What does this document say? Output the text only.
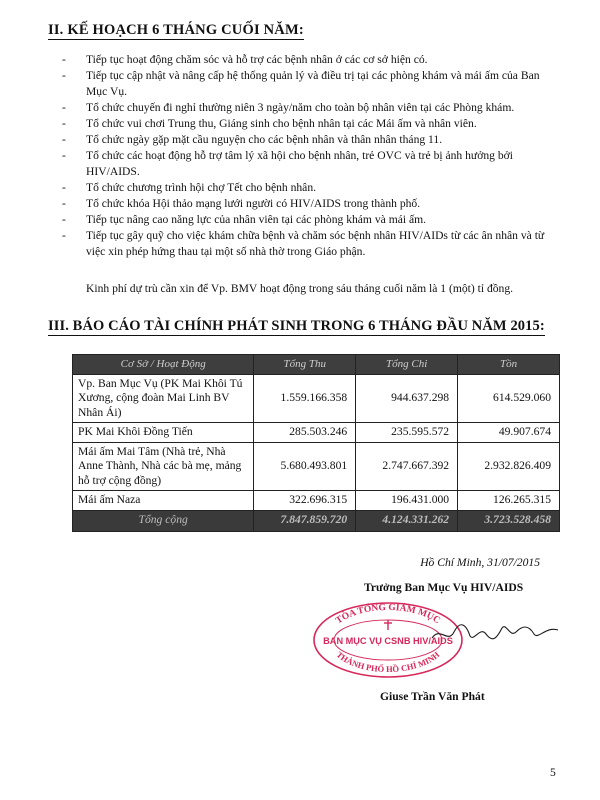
II. KẾ HOẠCH 6 THÁNG CUỐI NĂM:
- Tiếp tục hoạt động chăm sóc và hỗ trợ các bệnh nhân ở các cơ sở hiện có.
- Tiếp tục cập nhật và nâng cấp hệ thống quản lý và điều trị tại các phòng khám và mái ấm của Ban Mục Vụ.
- Tổ chức chuyến đi nghỉ thường niên 3 ngày/năm cho toàn bộ nhân viên tại các Phòng khám.
- Tổ chức vui chơi Trung thu, Giáng sinh cho bệnh nhân tại các Mái ấm và nhân viên.
- Tổ chức ngày gặp mặt cầu nguyện cho các bệnh nhân và thân nhân tháng 11.
- Tổ chức các hoạt động hỗ trợ tâm lý xã hội cho bệnh nhân, trẻ OVC và trẻ bị ảnh hưởng bởi HIV/AIDS.
- Tổ chức chương trình hội chợ Tết cho bệnh nhân.
- Tổ chức khóa Hội thảo mạng lưới người có HIV/AIDS trong thành phố.
- Tiếp tục nâng cao năng lực của nhân viên tại các phòng khám và mái ấm.
- Tiếp tục gây quỹ cho việc khám chữa bệnh và chăm sóc bệnh nhân HIV/AIDs từ các ân nhân và từ việc xin phép hứng thau tại một số nhà thờ trong Giáo phận.
Kinh phí dự trù cần xin để Vp. BMV hoạt động trong sáu tháng cuối năm là 1 (một) tỉ đồng.
III. BÁO CÁO TÀI CHÍNH PHÁT SINH TRONG 6 THÁNG ĐẦU NĂM 2015:
Cơ Sở / Hoạt Động	Tổng Thu	Tổng Chi	Tồn
Vp. Ban Mục Vụ (PK Mai Khôi Tú Xương, cộng đoàn Mai Linh BV Nhân Ái)	1.559.166.358	944.637.298	614.529.060
PK Mai Khôi Đồng Tiến	285.503.246	235.595.572	49.907.674
Mái ấm Mai Tâm (Nhà trẻ, Nhà Anne Thành, Nhà các bà mẹ, mảng hỗ trợ cộng đồng)	5.680.493.801	2.747.667.392	2.932.826.409
Mái ấm Naza	322.696.315	196.431.000	126.265.315
Tổng cộng	7.847.859.720	4.124.331.262	3.723.528.458
Hồ Chí Minh, 31/07/2015
Trưởng Ban Mục Vụ HIV/AIDS
TÒA TỔNG GIÁM MỤC
BAN MỤC VỤ CSNB HIV/AIDS
THÀNH PHỐ HỒ CHÍ MINH
Giuse Trần Văn Phát
5
